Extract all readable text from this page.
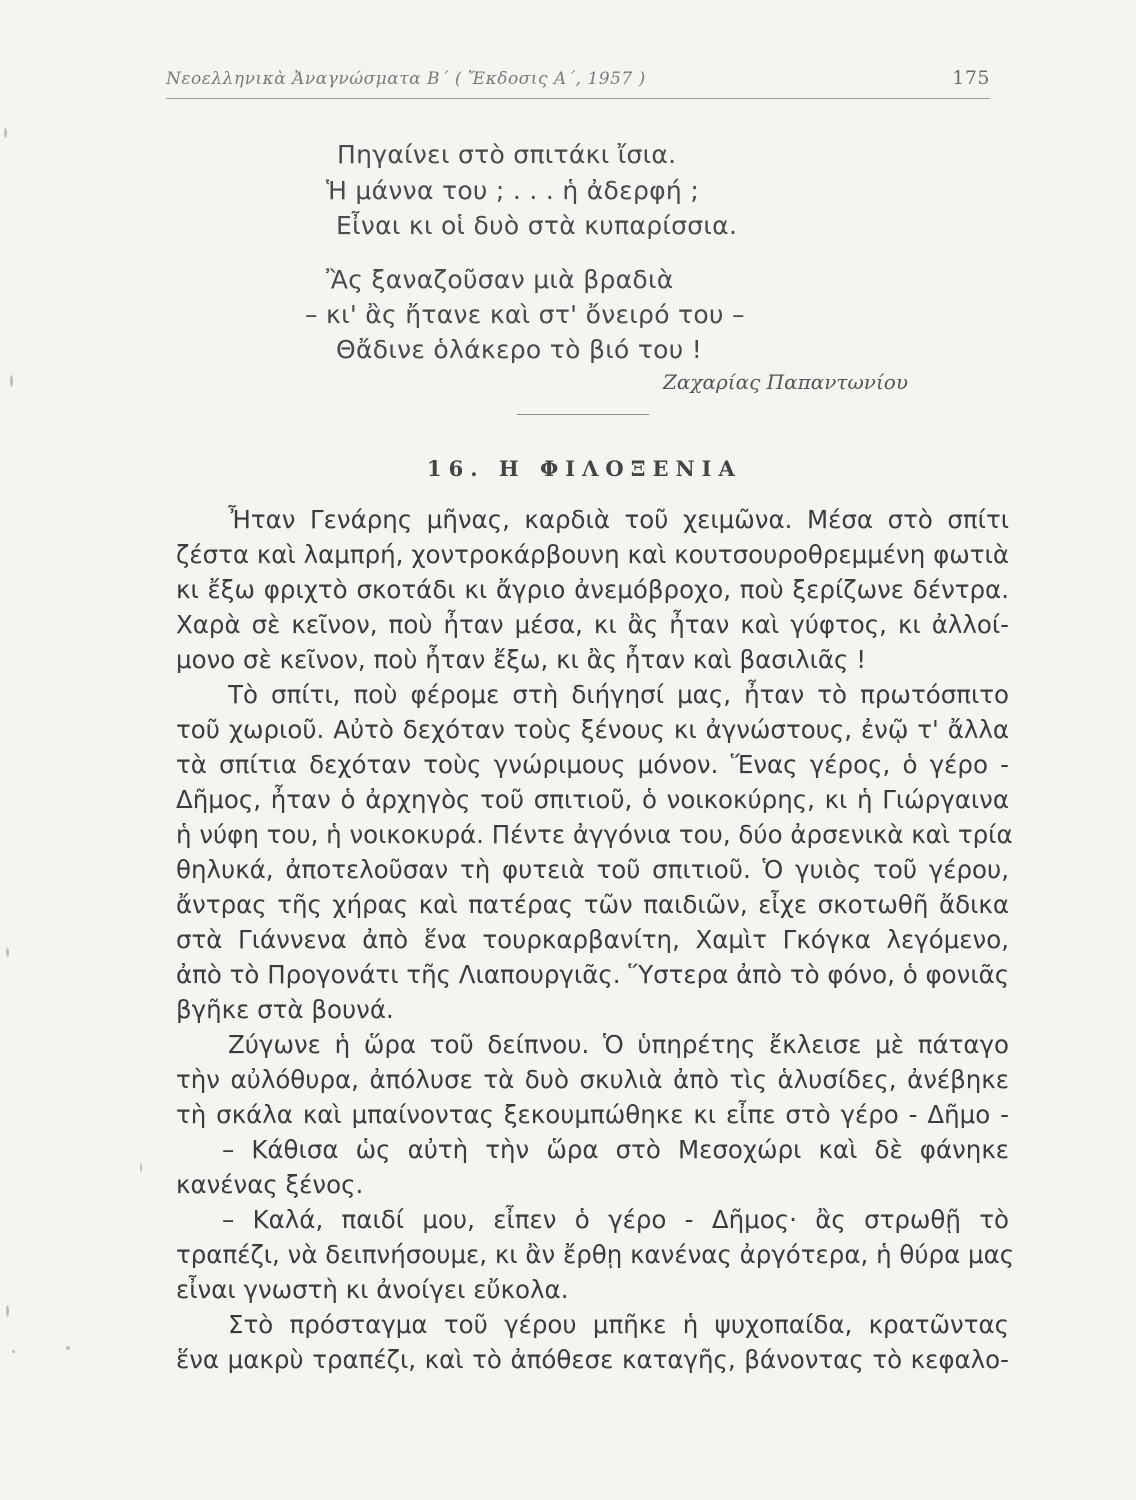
Νεοελληνικὰ Ἀναγνώσματα Β΄ ( Ἔκδοσις Α΄, 1957 )	175
Πηγαίνει στὸ σπιτάκι ἴσια.
Ἡ μάννα του ; . . . ἡ ἀδερφή ;
Εἶναι κι οἱ δυὸ στὰ κυπαρίσσια.
Ἂς ξαναζοῦσαν μιὰ βραδιὰ
– κι' ἂς ἤτανε καὶ στ' ὄνειρό του –
Θἄδινε ὁλάκερο τὸ βιό του !
Ζαχαρίας Παπαντωνίου
16. Η ΦΙΛΟΞΕΝΙΑ
Ἦταν Γενάρης μῆνας, καρδιὰ τοῦ χειμῶνα. Μέσα στὸ σπίτι
ζέστα καὶ λαμπρή, χοντροκάρβουνη καὶ κουτσουροθρεμμένη φωτιὰ
κι ἔξω φριχτὸ σκοτάδι κι ἄγριο ἀνεμόβροχο, ποὺ ξερίζωνε δέντρα.
Χαρὰ σὲ κεῖνον, ποὺ ἦταν μέσα, κι ἂς ἦταν καὶ γύφτος, κι ἀλλοί-
μονο σὲ κεῖνον, ποὺ ἦταν ἔξω, κι ἂς ἦταν καὶ βασιλιᾶς !
Τὸ σπίτι, ποὺ φέρομε στὴ διήγησί μας, ἦταν τὸ πρωτόσπιτο
τοῦ χωριοῦ. Αὐτὸ δεχόταν τοὺς ξένους κι ἀγνώστους, ἐνῷ τ' ἄλλα
τὰ σπίτια δεχόταν τοὺς γνώριμους μόνον. Ἕνας γέρος, ὁ γέρο -
Δῆμος, ἦταν ὁ ἀρχηγὸς τοῦ σπιτιοῦ, ὁ νοικοκύρης, κι ἡ Γιώργαινα
ἡ νύφη του, ἡ νοικοκυρά. Πέντε ἀγγόνια του, δύο ἀρσενικὰ καὶ τρία
θηλυκά, ἀποτελοῦσαν τὴ φυτειὰ τοῦ σπιτιοῦ. Ὁ γυιὸς τοῦ γέρου,
ἄντρας τῆς χήρας καὶ πατέρας τῶν παιδιῶν, εἶχε σκοτωθῆ ἄδικα
στὰ Γιάννενα ἀπὸ ἕνα τουρκαρβανίτη, Χαμὶτ Γκόγκα λεγόμενο,
ἀπὸ τὸ Προγονάτι τῆς Λιαπουργιᾶς. Ὕστερα ἀπὸ τὸ φόνο, ὁ φονιᾶς
βγῆκε στὰ βουνά.
Ζύγωνε ἡ ὥρα τοῦ δείπνου. Ὁ ὑπηρέτης ἔκλεισε μὲ πάταγο
τὴν αὐλόθυρα, ἀπόλυσε τὰ δυὸ σκυλιὰ ἀπὸ τὶς ἁλυσίδες, ἀνέβηκε
τὴ σκάλα καὶ μπαίνοντας ξεκουμπώθηκε κι εἶπε στὸ γέρο - Δῆμο -
– Κάθισα ὡς αὐτὴ τὴν ὥρα στὸ Μεσοχώρι καὶ δὲ φάνηκε
κανένας ξένος.
– Καλά, παιδί μου, εἶπεν ὁ γέρο - Δῆμος· ἂς στρωθῇ τὸ
τραπέζι, νὰ δειπνήσουμε, κι ἂν ἔρθῃ κανένας ἀργότερα, ἡ θύρα μας
εἶναι γνωστὴ κι ἀνοίγει εὔκολα.
Στὸ πρόσταγμα τοῦ γέρου μπῆκε ἡ ψυχοπαίδα, κρατῶντας
ἕνα μακρὺ τραπέζι, καὶ τὸ ἀπόθεσε καταγῆς, βάνοντας τὸ κεφαλο-
